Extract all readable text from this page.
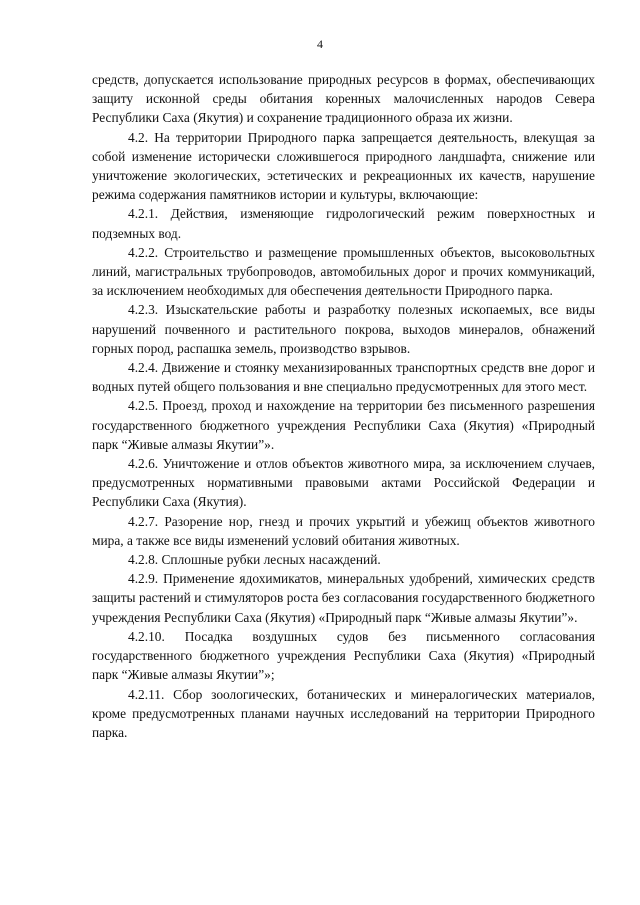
4

средств, допускается использование природных ресурсов в формах, обеспечивающих защиту исконной среды обитания коренных малочисленных народов Севера Республики Саха (Якутия) и сохранение традиционного образа их жизни.

4.2. На территории Природного парка запрещается деятельность, влекущая за собой изменение исторически сложившегося природного ландшафта, снижение или уничтожение экологических, эстетических и рекреационных их качеств, нарушение режима содержания памятников истории и культуры, включающие:

4.2.1. Действия, изменяющие гидрологический режим поверхностных и подземных вод.

4.2.2. Строительство и размещение промышленных объектов, высоковольтных линий, магистральных трубопроводов, автомобильных дорог и прочих коммуникаций, за исключением необходимых для обеспечения деятельности Природного парка.

4.2.3. Изыскательские работы и разработку полезных ископаемых, все виды нарушений почвенного и растительного покрова, выходов минералов, обнажений горных пород, распашка земель, производство взрывов.

4.2.4. Движение и стоянку механизированных транспортных средств вне дорог и водных путей общего пользования и вне специально предусмотренных для этого мест.

4.2.5. Проезд, проход и нахождение на территории без письменного разрешения государственного бюджетного учреждения Республики Саха (Якутия) «Природный парк “Живые алмазы Якутии”».

4.2.6. Уничтожение и отлов объектов животного мира, за исключением случаев, предусмотренных нормативными правовыми актами Российской Федерации и Республики Саха (Якутия).

4.2.7. Разорение нор, гнезд и прочих укрытий и убежищ объектов животного мира, а также все виды изменений условий обитания животных.

4.2.8. Сплошные рубки лесных насаждений.

4.2.9. Применение ядохимикатов, минеральных удобрений, химических средств защиты растений и стимуляторов роста без согласования государственного бюджетного учреждения Республики Саха (Якутия) «Природный парк “Живые алмазы Якутии”».

4.2.10. Посадка воздушных судов без письменного согласования государственного бюджетного учреждения Республики Саха (Якутия) «Природный парк “Живые алмазы Якутии”»;

4.2.11. Сбор зоологических, ботанических и минералогических материалов, кроме предусмотренных планами научных исследований на территории Природного парка.
